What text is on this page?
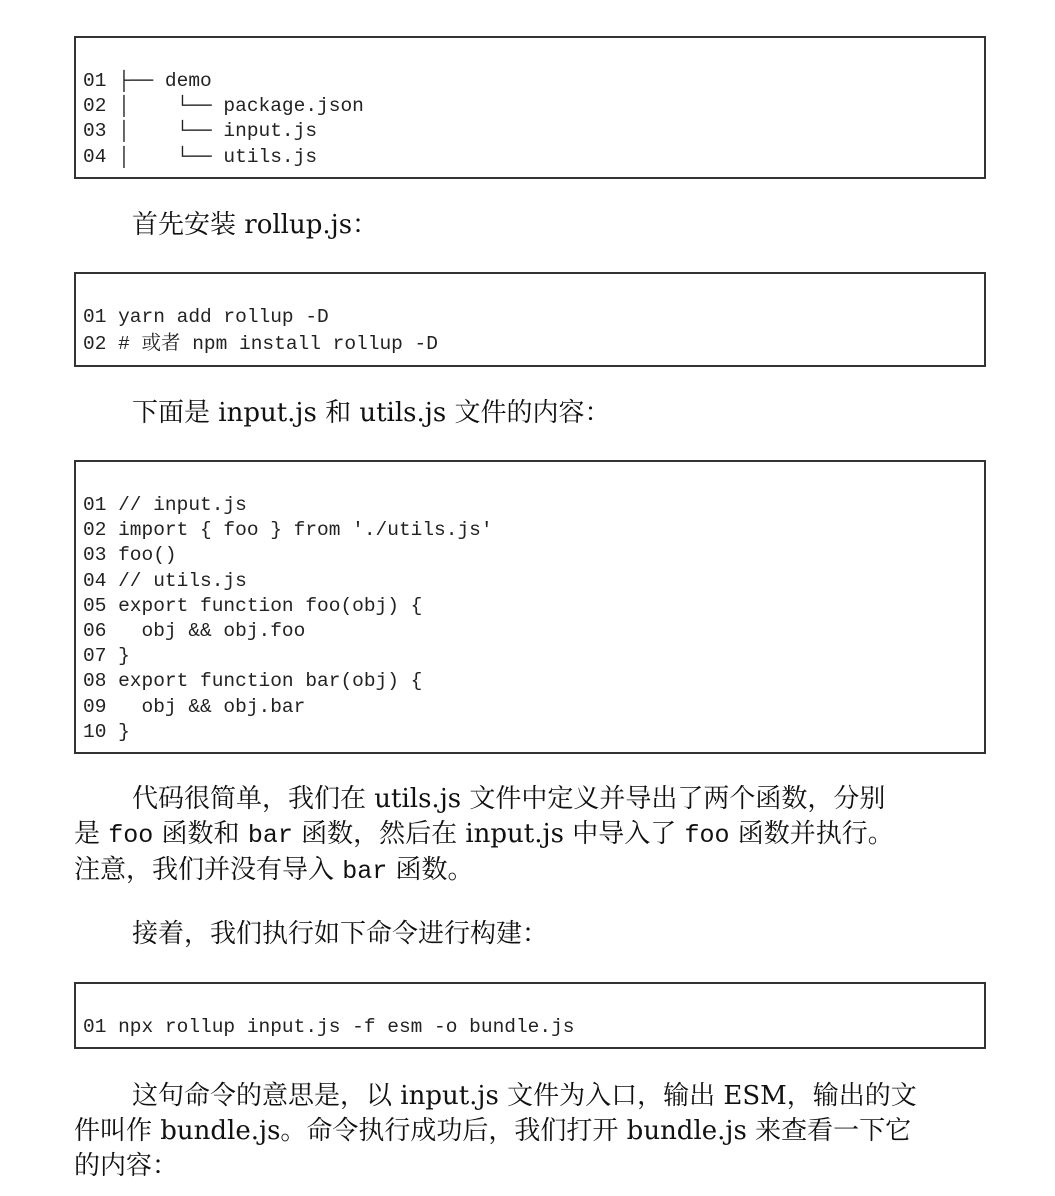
01 ├── demo
02 │    └── package.json
03 │    └── input.js
04 │    └── utils.js
首先安装 rollup.js：
01 yarn add rollup -D
02 # 或者 npm install rollup -D
下面是 input.js 和 utils.js 文件的内容：
01 // input.js
02 import { foo } from './utils.js'
03 foo()
04 // utils.js
05 export function foo(obj) {
06   obj && obj.foo
07 }
08 export function bar(obj) {
09   obj && obj.bar
10 }
代码很简单，我们在 utils.js 文件中定义并导出了两个函数，分别
是 foo 函数和 bar 函数，然后在 input.js 中导入了 foo 函数并执行。
注意，我们并没有导入 bar 函数。
接着，我们执行如下命令进行构建：
01 npx rollup input.js -f esm -o bundle.js
这句命令的意思是，以 input.js 文件为入口，输出 ESM，输出的文
件叫作 bundle.js。命令执行成功后，我们打开 bundle.js 来查看一下它
的内容：
